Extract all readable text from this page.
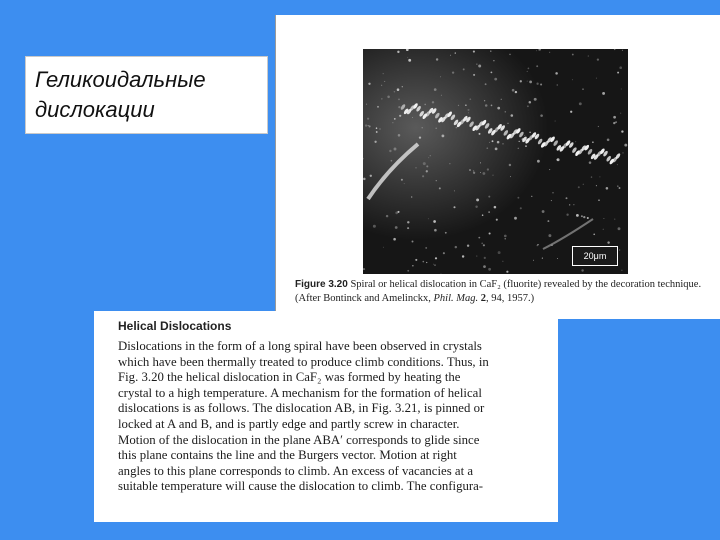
Геликоидальные
дислокации
20μm
Figure 3.20 Spiral or helical dislocation in CaF₂ (fluorite) revealed by the decoration technique. (After Bontinck and Amelinckx, Phil. Mag. 2, 94, 1957.)
Helical Dislocations
Dislocations in the form of a long spiral have been observed in crystals
which have been thermally treated to produce climb conditions. Thus, in
Fig. 3.20 the helical dislocation in CaF₂ was formed by heating the
crystal to a high temperature. A mechanism for the formation of helical
dislocations is as follows. The dislocation AB, in Fig. 3.21, is pinned or
locked at A and B, and is partly edge and partly screw in character.
Motion of the dislocation in the plane ABA′ corresponds to glide since
this plane contains the line and the Burgers vector. Motion at right
angles to this plane corresponds to climb. An excess of vacancies at a
suitable temperature will cause the dislocation to climb. The configura-
